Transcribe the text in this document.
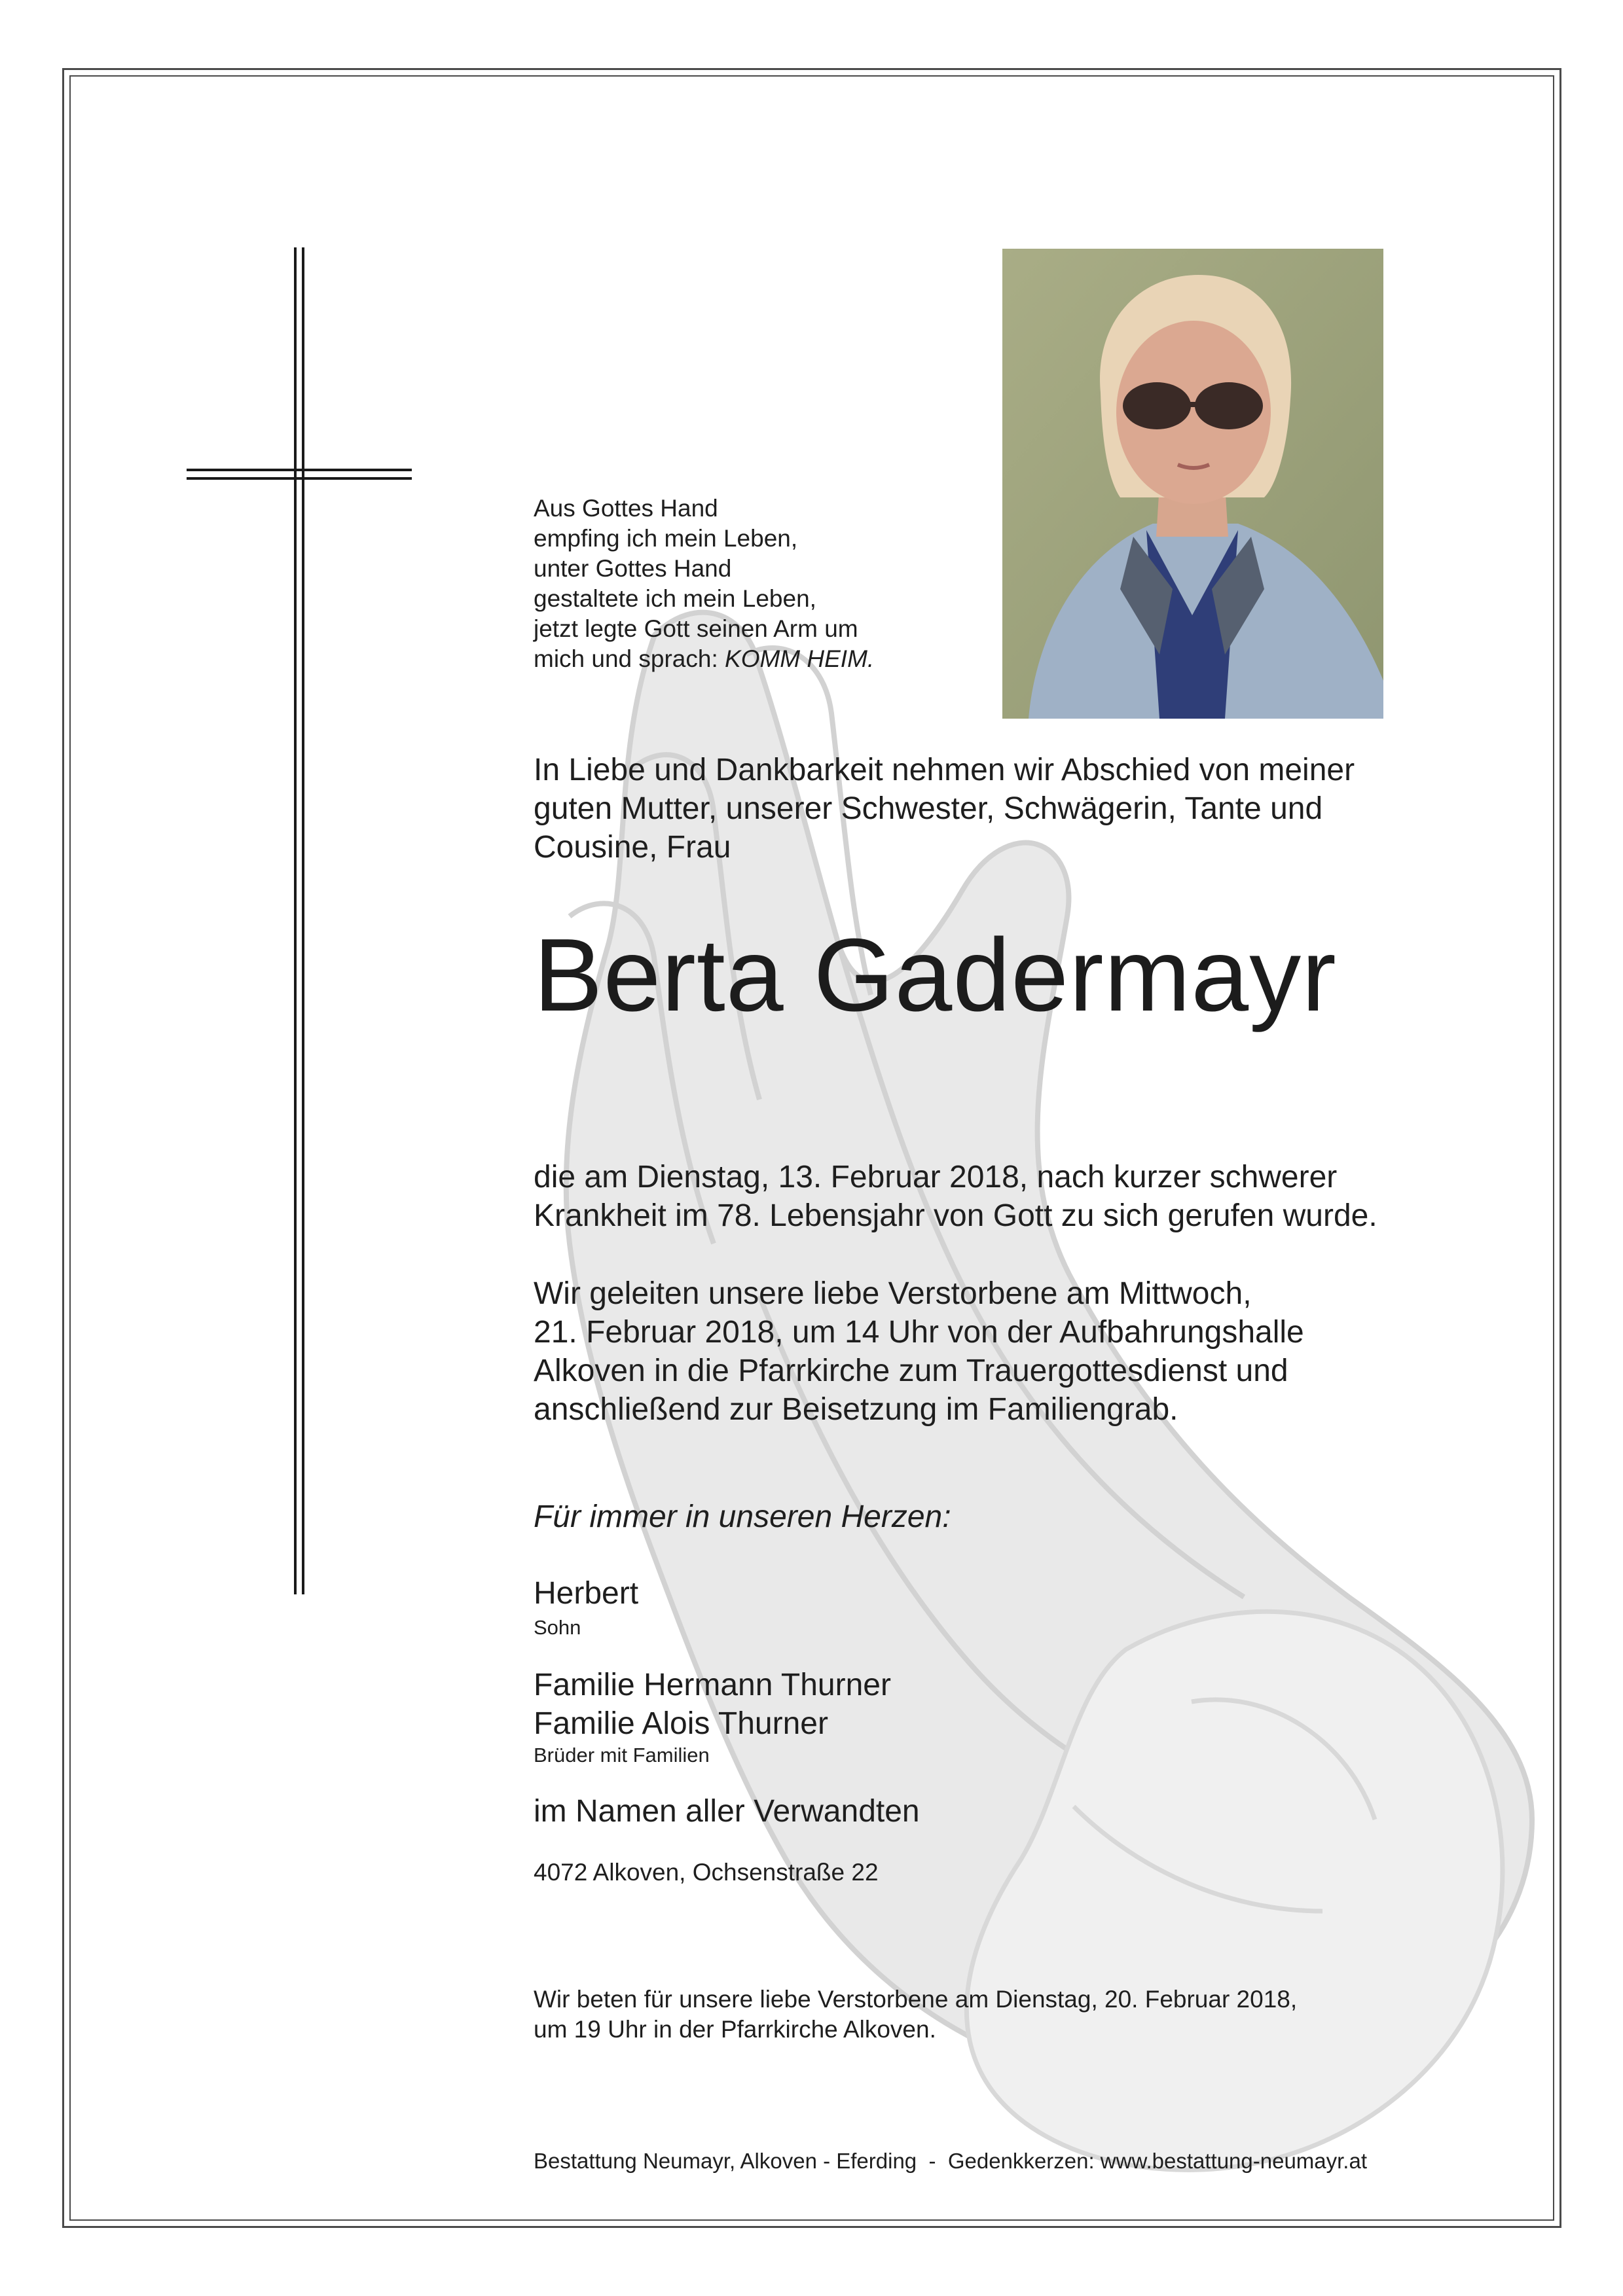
Aus Gottes Hand
empfing ich mein Leben,
unter Gottes Hand
gestaltete ich mein Leben,
jetzt legte Gott seinen Arm um
mich und sprach: KOMM HEIM.
In Liebe und Dankbarkeit nehmen wir Abschied von meiner
guten Mutter, unserer Schwester, Schwägerin, Tante und
Cousine, Frau
Berta Gadermayr
die am Dienstag, 13. Februar 2018, nach kurzer schwerer
Krankheit im 78. Lebensjahr von Gott zu sich gerufen wurde.
Wir geleiten unsere liebe Verstorbene am Mittwoch,
21. Februar 2018, um 14 Uhr von der Aufbahrungshalle
Alkoven in die Pfarrkirche zum Trauergottesdienst und
anschließend zur Beisetzung im Familiengrab.
Für immer in unseren Herzen:
Herbert
Sohn
Familie Hermann Thurner
Familie Alois Thurner
Brüder mit Familien
im Namen aller Verwandten
4072 Alkoven, Ochsenstraße 22
Wir beten für unsere liebe Verstorbene am Dienstag, 20. Februar 2018,
um 19 Uhr in der Pfarrkirche Alkoven.
Bestattung Neumayr, Alkoven - Eferding  -  Gedenkkerzen: www.bestattung-neumayr.at
